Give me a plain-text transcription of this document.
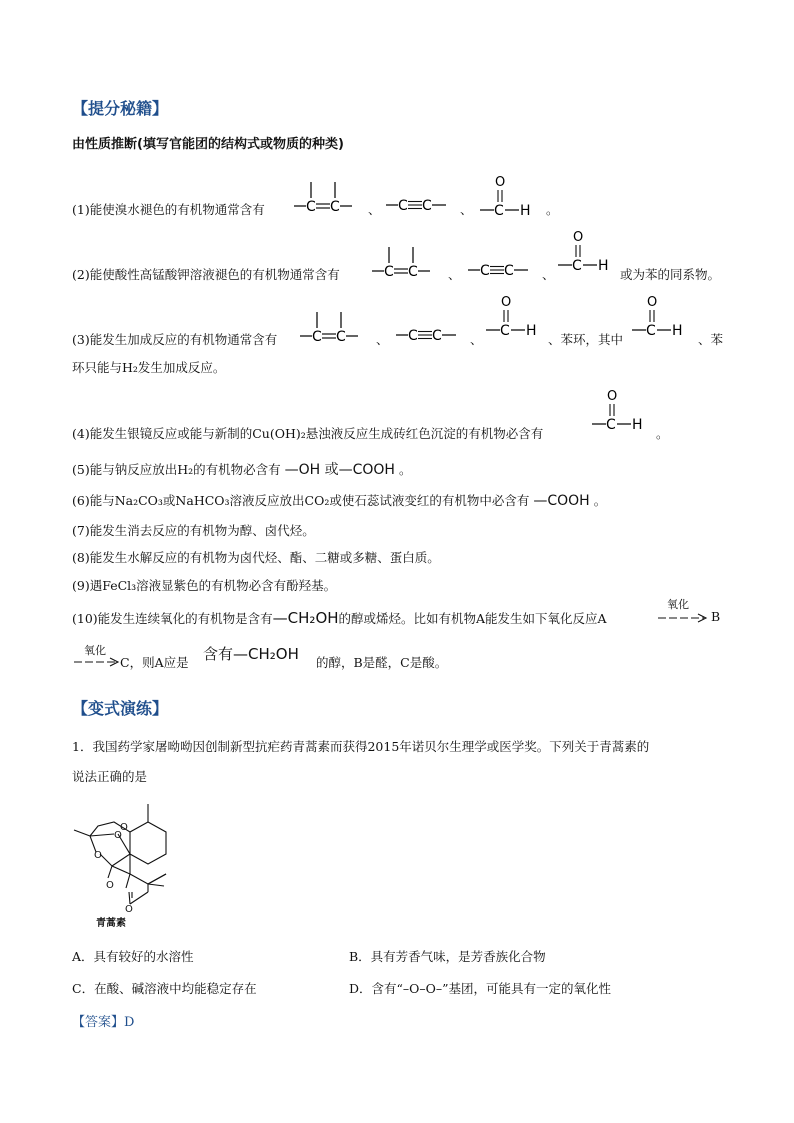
【提分秘籍】
由性质推断(填写官能团的结构式或物质的种类)
(1)能使溴水褪色的有机物通常含有	、	、	。
(2)能使酸性高锰酸钾溶液褪色的有机物通常含有	、	、	或为苯的同系物。
(3)能发生加成反应的有机物通常含有	、	、	、苯环，其中	、苯
环只能与H₂发生加成反应。
(4)能发生银镜反应或能与新制的Cu(OH)₂悬浊液反应生成砖红色沉淀的有机物必含有	。
(5)能与钠反应放出H₂的有机物必含有 —OH 或—COOH 。
(6)能与Na₂CO₃或NaHCO₃溶液反应放出CO₂或使石蕊试液变红的有机物中必含有 —COOH 。
(7)能发生消去反应的有机物为醇、卤代烃。
(8)能发生水解反应的有机物为卤代烃、酯、二糖或多糖、蛋白质。
(9)遇FeCl₃溶液显紫色的有机物必含有酚羟基。
(10)能发生连续氧化的有机物是含有—CH₂OH的醇或烯烃。比如有机物A能发生如下氧化反应A
氧化
→ B
氧化
C，则A应是 含有—CH₂OH 的醇，B是醛，C是酸。
【变式演练】
1．我国药学家屠呦呦因创制新型抗疟药青蒿素而获得2015年诺贝尔生理学或医学奖。下列关于青蒿素的
说法正确的是
O
O
O
O
O
青蒿素
A．具有较好的水溶性	B．具有芳香气味，是芳香族化合物
C．在酸、碱溶液中均能稳定存在	D．含有“–O–O–”基团，可能具有一定的氧化性
【答案】D
